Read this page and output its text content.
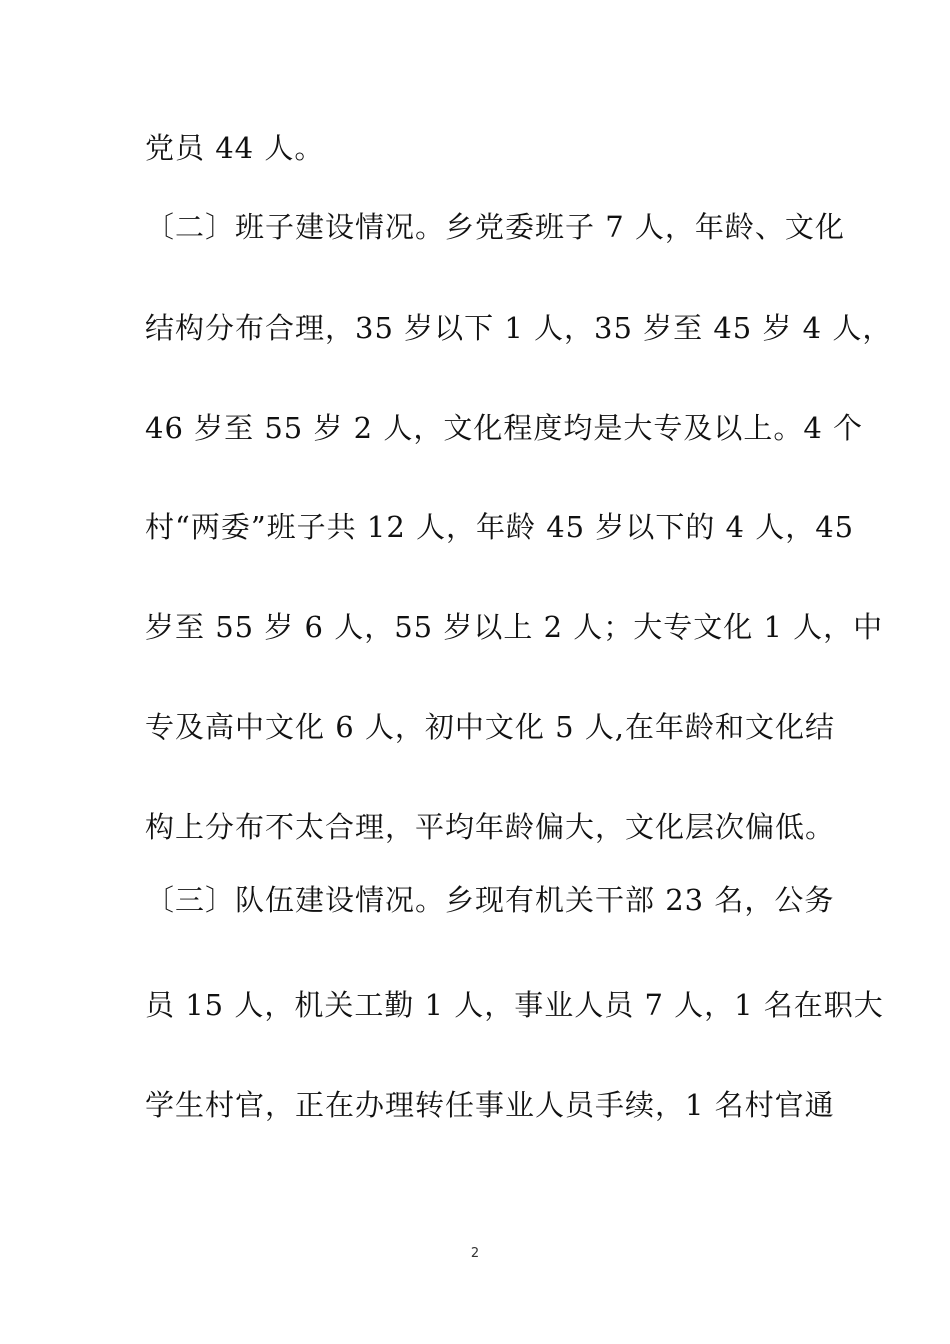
党员 44 人。
〔二〕班子建设情况。乡党委班子 7 人，年龄、文化
结构分布合理，35 岁以下 1 人，35 岁至 45 岁 4 人，
46 岁至 55 岁 2 人，文化程度均是大专及以上。4 个
村“两委”班子共 12 人，年龄 45 岁以下的 4 人，45
岁至 55 岁 6 人，55 岁以上 2 人；大专文化 1 人，中
专及高中文化 6 人，初中文化 5 人,在年龄和文化结
构上分布不太合理，平均年龄偏大，文化层次偏低。
〔三〕队伍建设情况。乡现有机关干部 23 名，公务
员 15 人，机关工勤 1 人，事业人员 7 人，1 名在职大
学生村官，正在办理转任事业人员手续，1 名村官通
2
